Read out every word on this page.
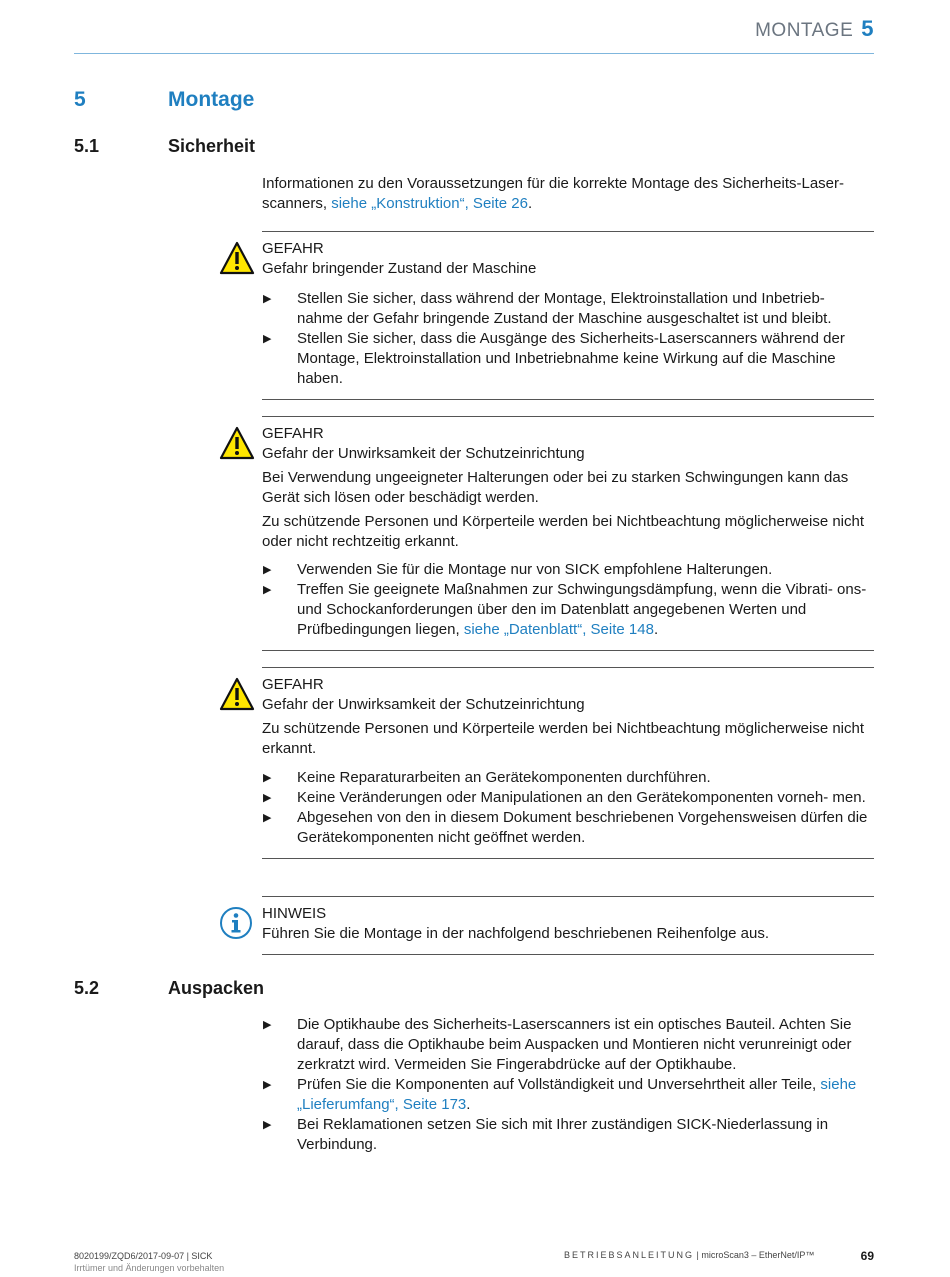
MONTAGE 5
5	Montage
5.1	Sicherheit

Informationen zu den Voraussetzungen für die korrekte Montage des Sicherheits-Laser- scanners, siehe „Konstruktion“, Seite 26.

GEFAHR

Gefahr bringender Zustand der Maschine

▶ Stellen Sie sicher, dass während der Montage, Elektroinstallation und Inbetrieb- nahme der Gefahr bringende Zustand der Maschine ausgeschaltet ist und bleibt.
▶ Stellen Sie sicher, dass die Ausgänge des Sicherheits-Laserscanners während der Montage, Elektroinstallation und Inbetriebnahme keine Wirkung auf die Maschine haben.

GEFAHR

Gefahr der Unwirksamkeit der Schutzeinrichtung

Bei Verwendung ungeeigneter Halterungen oder bei zu starken Schwingungen kann das Gerät sich lösen oder beschädigt werden.

Zu schützende Personen und Körperteile werden bei Nichtbeachtung möglicherweise nicht oder nicht rechtzeitig erkannt.

▶ Verwenden Sie für die Montage nur von SICK empfohlene Halterungen.
▶ Treffen Sie geeignete Maßnahmen zur Schwingungsdämpfung, wenn die Vibrati- ons- und Schockanforderungen über den im Datenblatt angegebenen Werten und Prüfbedingungen liegen, siehe „Datenblatt“, Seite 148.

GEFAHR

Gefahr der Unwirksamkeit der Schutzeinrichtung

Zu schützende Personen und Körperteile werden bei Nichtbeachtung möglicherweise nicht erkannt.

▶ Keine Reparaturarbeiten an Gerätekomponenten durchführen.
▶ Keine Veränderungen oder Manipulationen an den Gerätekomponenten vorneh- men.
▶ Abgesehen von den in diesem Dokument beschriebenen Vorgehensweisen dürfen die Gerätekomponenten nicht geöffnet werden.

HINWEIS

Führen Sie die Montage in der nachfolgend beschriebenen Reihenfolge aus.

5.2	Auspacken
▶ Die Optikhaube des Sicherheits-Laserscanners ist ein optisches Bauteil. Achten Sie darauf, dass die Optikhaube beim Auspacken und Montieren nicht verunreinigt oder zerkratzt wird. Vermeiden Sie Fingerabdrücke auf der Optikhaube.
▶ Prüfen Sie die Komponenten auf Vollständigkeit und Unversehrtheit aller Teile, siehe „Lieferumfang“, Seite 173.
▶ Bei Reklamationen setzen Sie sich mit Ihrer zuständigen SICK-Niederlassung in Verbindung.
8020199/ZQD6/2017-09-07 | SICK
Irrtümer und Änderungen vorbehalten
BETRIEBSANLEITUNG | microScan3 – EtherNet/IP™	69
